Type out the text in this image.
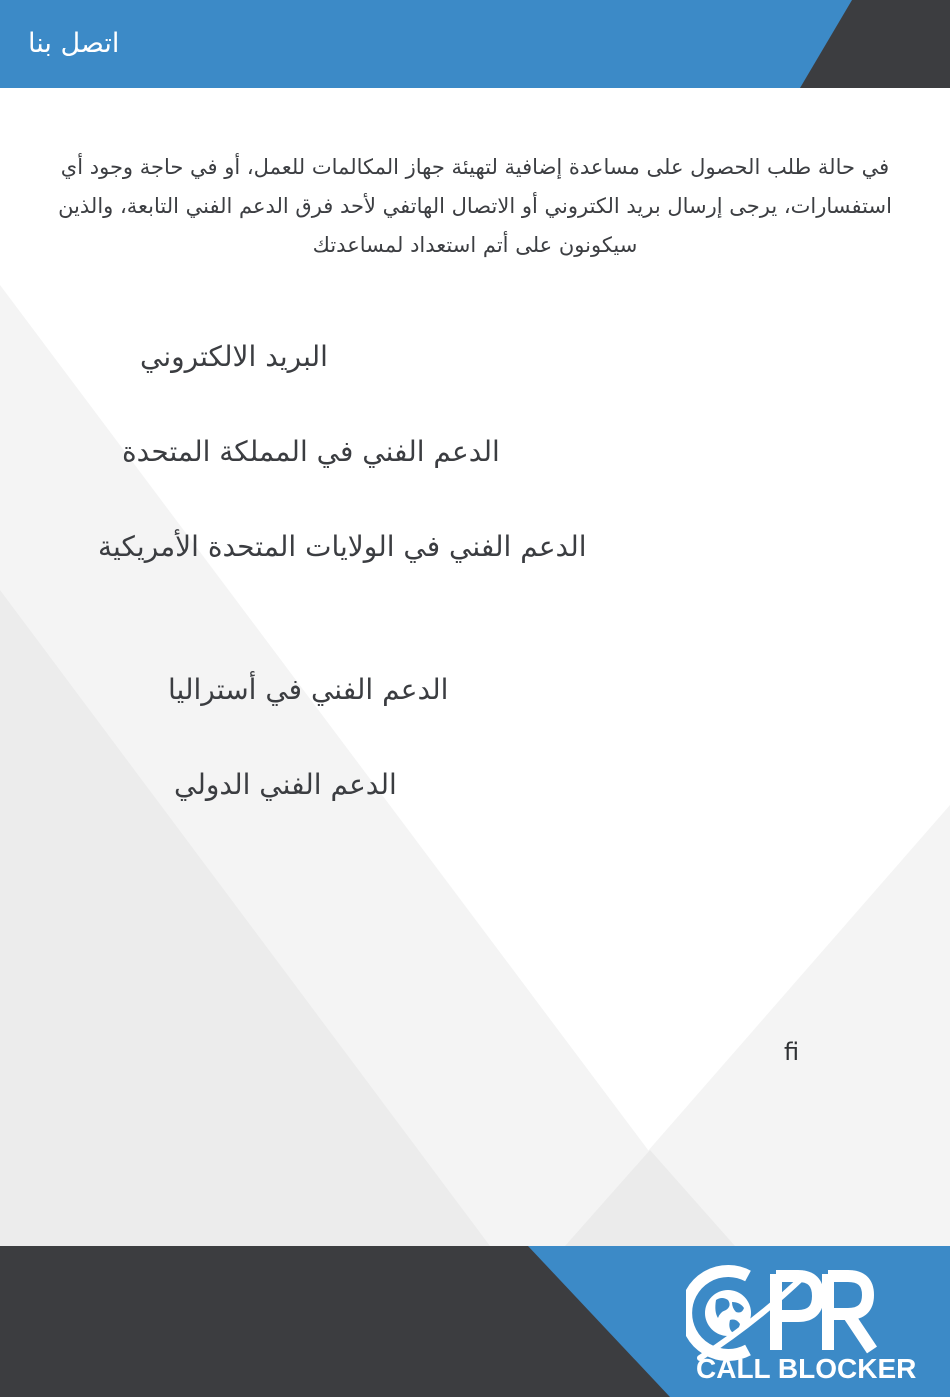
اتصل بنا
في حالة طلب الحصول على مساعدة إضافية لتهيئة جهاز المكالمات للعمل، أو في حاجة وجود أي استفسارات، يرجى إرسال بريد الكتروني أو الاتصال الهاتفي لأحد فرق الدعم الفني التابعة، والذين سيكونون على أتم استعداد لمساعدتك
البريد الالكتروني
الدعم الفني في المملكة المتحدة
الدعم الفني في الولايات المتحدة الأمريكية
الدعم الفني في أستراليا
الدعم الفني الدولي
ﬁ
CALL BLOCKER
